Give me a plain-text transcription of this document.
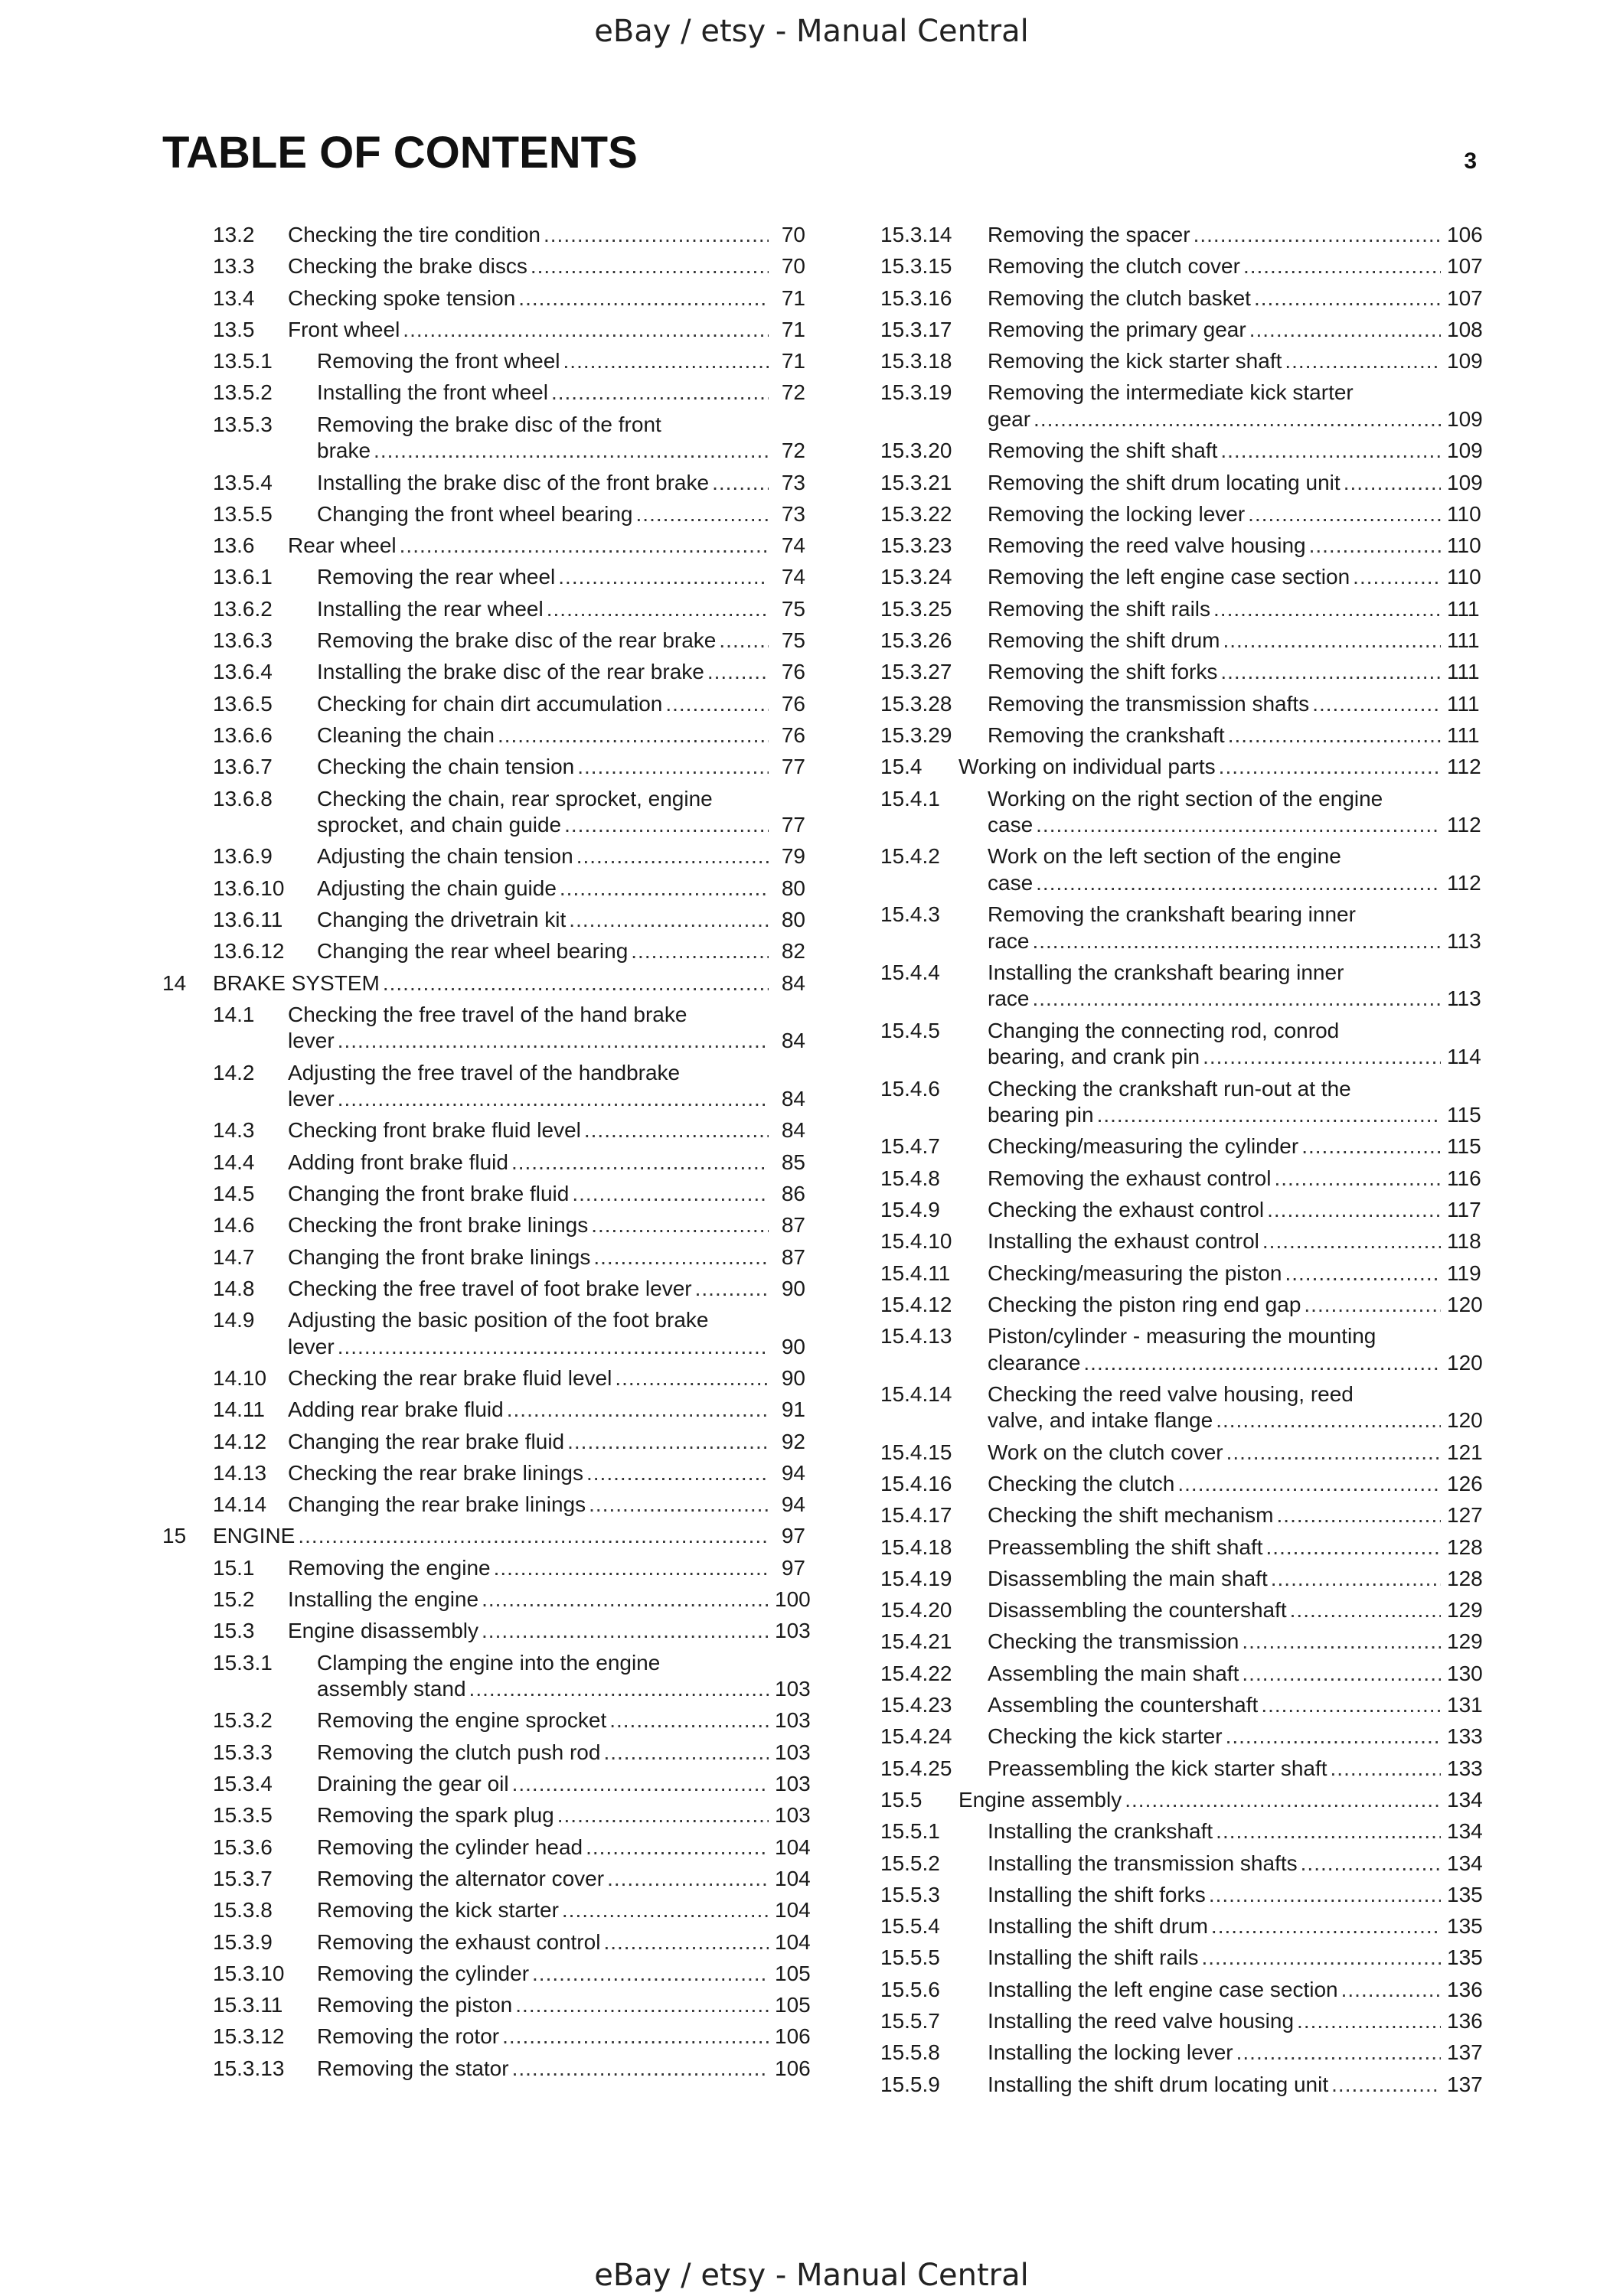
eBay / etsy - Manual Central
TABLE OF CONTENTS	3
13.2 Checking the tire condition .....	70
13.3 Checking the brake discs .....	70
13.4 Checking spoke tension .....	71
13.5 Front wheel .....	71
13.5.1 Removing the front wheel .....	71
13.5.2 Installing the front wheel .....	72
13.5.3 Removing the brake disc of the front
brake .....	72
13.5.4 Installing the brake disc of the front brake .....	73
13.5.5 Changing the front wheel bearing .....	73
13.6 Rear wheel .....	74
13.6.1 Removing the rear wheel .....	74
13.6.2 Installing the rear wheel .....	75
13.6.3 Removing the brake disc of the rear brake .....	75
13.6.4 Installing the brake disc of the rear brake .....	76
13.6.5 Checking for chain dirt accumulation .....	76
13.6.6 Cleaning the chain .....	76
13.6.7 Checking the chain tension .....	77
13.6.8 Checking the chain, rear sprocket, engine
sprocket, and chain guide .....	77
13.6.9 Adjusting the chain tension .....	79
13.6.10 Adjusting the chain guide .....	80
13.6.11 Changing the drivetrain kit .....	80
13.6.12 Changing the rear wheel bearing .....	82
14 BRAKE SYSTEM .....	84
14.1 Checking the free travel of the hand brake
lever .....	84
14.2 Adjusting the free travel of the handbrake
lever .....	84
14.3 Checking front brake fluid level .....	84
14.4 Adding front brake fluid .....	85
14.5 Changing the front brake fluid .....	86
14.6 Checking the front brake linings .....	87
14.7 Changing the front brake linings .....	87
14.8 Checking the free travel of foot brake lever .....	90
14.9 Adjusting the basic position of the foot brake
lever .....	90
14.10 Checking the rear brake fluid level .....	90
14.11 Adding rear brake fluid .....	91
14.12 Changing the rear brake fluid .....	92
14.13 Checking the rear brake linings .....	94
14.14 Changing the rear brake linings .....	94
15 ENGINE .....	97
15.1 Removing the engine .....	97
15.2 Installing the engine .....	100
15.3 Engine disassembly .....	103
15.3.1 Clamping the engine into the engine
assembly stand .....	103
15.3.2 Removing the engine sprocket .....	103
15.3.3 Removing the clutch push rod .....	103
15.3.4 Draining the gear oil .....	103
15.3.5 Removing the spark plug .....	103
15.3.6 Removing the cylinder head .....	104
15.3.7 Removing the alternator cover .....	104
15.3.8 Removing the kick starter .....	104
15.3.9 Removing the exhaust control .....	104
15.3.10 Removing the cylinder .....	105
15.3.11 Removing the piston .....	105
15.3.12 Removing the rotor .....	106
15.3.13 Removing the stator .....	106
15.3.14 Removing the spacer .....	106
15.3.15 Removing the clutch cover .....	107
15.3.16 Removing the clutch basket .....	107
15.3.17 Removing the primary gear .....	108
15.3.18 Removing the kick starter shaft .....	109
15.3.19 Removing the intermediate kick starter
gear .....	109
15.3.20 Removing the shift shaft .....	109
15.3.21 Removing the shift drum locating unit .....	109
15.3.22 Removing the locking lever .....	110
15.3.23 Removing the reed valve housing .....	110
15.3.24 Removing the left engine case section .....	110
15.3.25 Removing the shift rails .....	111
15.3.26 Removing the shift drum .....	111
15.3.27 Removing the shift forks .....	111
15.3.28 Removing the transmission shafts .....	111
15.3.29 Removing the crankshaft .....	111
15.4 Working on individual parts .....	112
15.4.1 Working on the right section of the engine
case .....	112
15.4.2 Work on the left section of the engine
case .....	112
15.4.3 Removing the crankshaft bearing inner
race .....	113
15.4.4 Installing the crankshaft bearing inner
race .....	113
15.4.5 Changing the connecting rod, conrod
bearing, and crank pin .....	114
15.4.6 Checking the crankshaft run-out at the
bearing pin .....	115
15.4.7 Checking/measuring the cylinder .....	115
15.4.8 Removing the exhaust control .....	116
15.4.9 Checking the exhaust control .....	117
15.4.10 Installing the exhaust control .....	118
15.4.11 Checking/measuring the piston .....	119
15.4.12 Checking the piston ring end gap .....	120
15.4.13 Piston/cylinder - measuring the mounting
clearance .....	120
15.4.14 Checking the reed valve housing, reed
valve, and intake flange .....	120
15.4.15 Work on the clutch cover .....	121
15.4.16 Checking the clutch .....	126
15.4.17 Checking the shift mechanism .....	127
15.4.18 Preassembling the shift shaft .....	128
15.4.19 Disassembling the main shaft .....	128
15.4.20 Disassembling the countershaft .....	129
15.4.21 Checking the transmission .....	129
15.4.22 Assembling the main shaft .....	130
15.4.23 Assembling the countershaft .....	131
15.4.24 Checking the kick starter .....	133
15.4.25 Preassembling the kick starter shaft .....	133
15.5 Engine assembly .....	134
15.5.1 Installing the crankshaft .....	134
15.5.2 Installing the transmission shafts .....	134
15.5.3 Installing the shift forks .....	135
15.5.4 Installing the shift drum .....	135
15.5.5 Installing the shift rails .....	135
15.5.6 Installing the left engine case section .....	136
15.5.7 Installing the reed valve housing .....	136
15.5.8 Installing the locking lever .....	137
15.5.9 Installing the shift drum locating unit .....	137
eBay / etsy - Manual Central
